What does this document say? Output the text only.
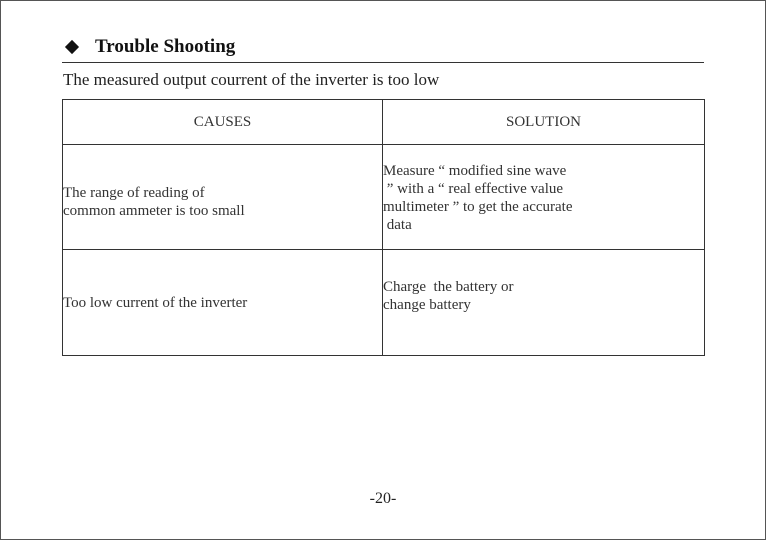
Trouble Shooting
The measured output courrent of the inverter is too low
CAUSES	SOLUTION

The range of reading of
common ammeter is too small	Measure “ modified sine wave
” with a “ real effective value
multimeter ” to get the accurate
data

Too low current of the inverter	Charge  the battery or
change battery
-20-
